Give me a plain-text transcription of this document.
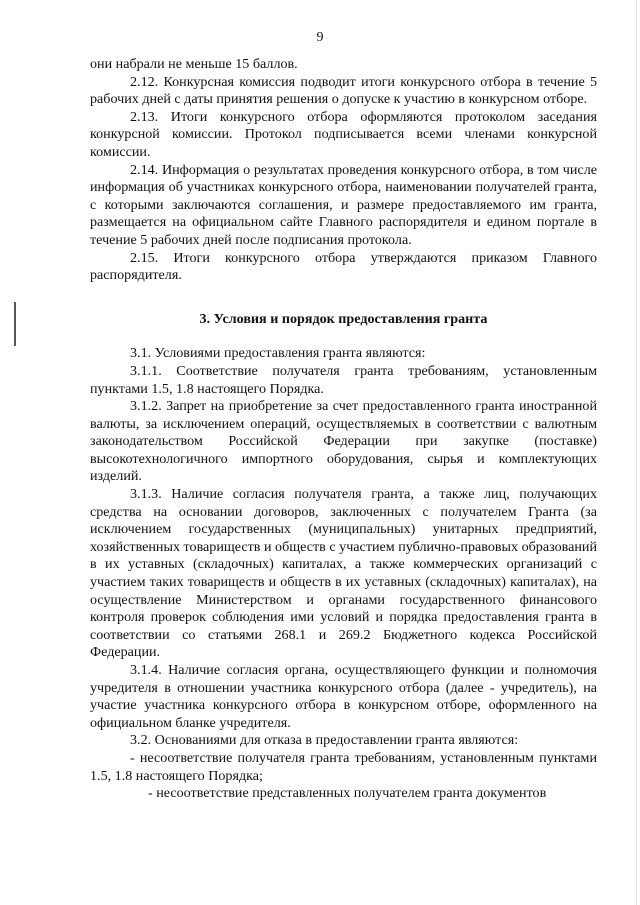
9

они набрали не меньше 15 баллов.

2.12. Конкурсная комиссия подводит итоги конкурсного отбора в течение 5 рабочих дней с даты принятия решения о допуске к участию в конкурсном отборе.

2.13. Итоги конкурсного отбора оформляются протоколом заседания конкурсной комиссии. Протокол подписывается всеми членами конкурсной комиссии.

2.14. Информация о результатах проведения конкурсного отбора, в том числе информация об участниках конкурсного отбора, наименовании получателей гранта, с которыми заключаются соглашения, и размере предоставляемого им гранта, размещается на официальном сайте Главного распорядителя и едином портале в течение 5 рабочих дней после подписания протокола.

2.15. Итоги конкурсного отбора утверждаются приказом Главного распорядителя.

3. Условия и порядок предоставления гранта

3.1. Условиями предоставления гранта являются:

3.1.1. Соответствие получателя гранта требованиям, установленным пунктами 1.5, 1.8 настоящего Порядка.

3.1.2. Запрет на приобретение за счет предоставленного гранта иностранной валюты, за исключением операций, осуществляемых в соответствии с валютным законодательством Российской Федерации при закупке (поставке) высокотехнологичного импортного оборудования, сырья и комплектующих изделий.

3.1.3. Наличие согласия получателя гранта, а также лиц, получающих средства на основании договоров, заключенных с получателем Гранта (за исключением государственных (муниципальных) унитарных предприятий, хозяйственных товариществ и обществ с участием публично-правовых образований в их уставных (складочных) капиталах, а также коммерческих организаций с участием таких товариществ и обществ в их уставных (складочных) капиталах), на осуществление Министерством и органами государственного финансового контроля проверок соблюдения ими условий и порядка предоставления гранта в соответствии со статьями 268.1 и 269.2 Бюджетного кодекса Российской Федерации.

3.1.4. Наличие согласия органа, осуществляющего функции и полномочия учредителя в отношении участника конкурсного отбора (далее - учредитель), на участие участника конкурсного отбора в конкурсном отборе, оформленного на официальном бланке учредителя.

3.2. Основаниями для отказа в предоставлении гранта являются:

- несоответствие получателя гранта требованиям, установленным пунктами 1.5, 1.8 настоящего Порядка;

- несоответствие представленных получателем гранта документов
